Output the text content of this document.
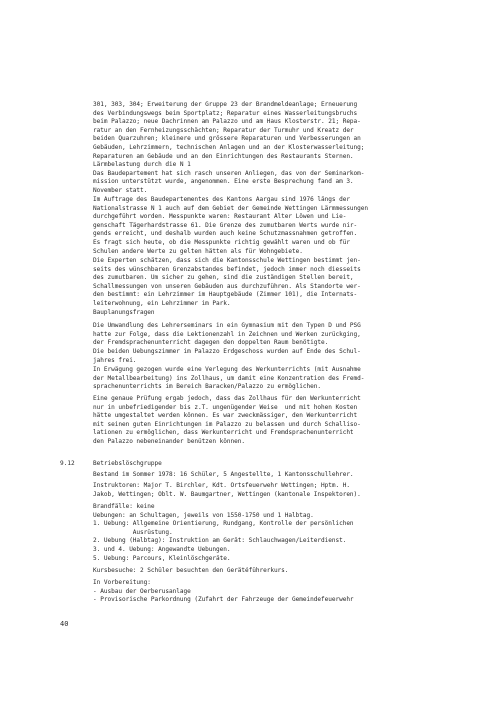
301, 303, 304; Erweiterung der Gruppe 23 der Brandmeldeanlage; Erneuerung
des Verbindungswegs beim Sportplatz; Reparatur eines Wasserleitungsbruchs
beim Palazzo; neue Dachrinnen am Palazzo und am Haus Klosterstr. 21; Repa-
ratur an den Fernheizungsschächten; Reparatur der Turmuhr und Kreatz der
beiden Quarzuhren; kleinere und grössere Reparaturen und Verbesserungen an
Gebäuden, Lehrzimmern, technischen Anlagen und an der Klosterwasserleitung;
Reparaturen am Gebäude und an den Einrichtungen des Restaurants Sternen.
Lärmbelastung durch die N 1
Das Baudepartement hat sich rasch unseren Anliegen, das von der Seminarkom-
mission unterstützt wurde, angenommen. Eine erste Besprechung fand am 3.
November statt.
Im Auftrage des Baudepartementes des Kantons Aargau sind 1976 längs der
Nationalstrasse N 1 auch auf dem Gebiet der Gemeinde Wettingen Lärmmessungen
durchgeführt worden. Messpunkte waren: Restaurant Alter Löwen und Lie-
genschaft Tägerhardstrasse 61. Die Grenze des zumutbaren Werts wurde nir-
gends erreicht, und deshalb wurden auch keine Schutzmassnahmen getroffen.
Es fragt sich heute, ob die Messpunkte richtig gewählt waren und ob für
Schulen andere Werte zu gelten hätten als für Wohngebiete.
Die Experten schätzen, dass sich die Kantonsschule Wettingen bestimmt jen-
seits des wünschbaren Grenzabstandes befindet, jedoch immer noch diesseits
des zumutbaren. Um sicher zu gehen, sind die zuständigen Stellen bereit,
Schallmessungen von unseren Gebäuden aus durchzuführen. Als Standorte wer-
den bestimmt: ein Lehrzimmer im Hauptgebäude (Zimmer 101), die Internats-
leiterwohnung, ein Lehrzimmer im Park.
Bauplanungsfragen
Die Umwandlung des Lehrerseminars in ein Gymnasium mit den Typen D und PSG
hatte zur Folge, dass die Lektionenzahl in Zeichnen und Werken zurückging,
der Fremdsprachenunterricht dagegen den doppelten Raum benötigte.
Die beiden Uebungszimmer im Palazzo Erdgeschoss wurden auf Ende des Schul-
jahres frei.
In Erwägung gezogen wurde eine Verlegung des Werkunterrichts (mit Ausnahme
der Metallbearbeitung) ins Zollhaus, um damit eine Konzentration des Fremd-
sprachenunterrichts im Bereich Baracken/Palazzo zu ermöglichen.
Eine genaue Prüfung ergab jedoch, dass das Zollhaus für den Werkunterricht
nur in unbefriedigender bis z.T. ungenügender Weise  und mit hohen Kosten
hätte umgestaltet werden können. Es war zweckmässiger, den Werkunterricht
mit seinen guten Einrichtungen im Palazzo zu belassen und durch Schalliso-
lationen zu ermöglichen, dass Werkunterricht und Fremdsprachenunterricht
den Palazzo nebeneinander benützen können.
9.12	Betriebslöschgruppe
Bestand im Sommer 1978: 16 Schüler, 5 Angestellte, 1 Kantonsschullehrer.
Instruktoren: Major T. Birchler, Kdt. Ortsfeuerwehr Wettingen; Hptm. H.
Jakob, Wettingen; Oblt. W. Baumgartner, Wettingen (kantonale Inspektoren).
Brandfälle: keine
Uebungen: an Schultagen, jeweils von 1550-1750 und 1 Halbtag.
1. Uebung: Allgemeine Orientierung, Rundgang, Kontrolle der persönlichen
Ausrüstung.
2. Uebung (Halbtag): Instruktion am Gerät: Schlauchwagen/Leiterdienst.
3. und 4. Uebung: Angewandte Uebungen.
5. Uebung: Parcours, Kleinlöschgeräte.
Kursbesuche: 2 Schüler besuchten den Gerätéführerkurs.
In Vorbereitung:
- Ausbau der Oerberusanlage
- Provisorische Parkordnung (Zufahrt der Fahrzeuge der Gemeindefeuerwehr
40
